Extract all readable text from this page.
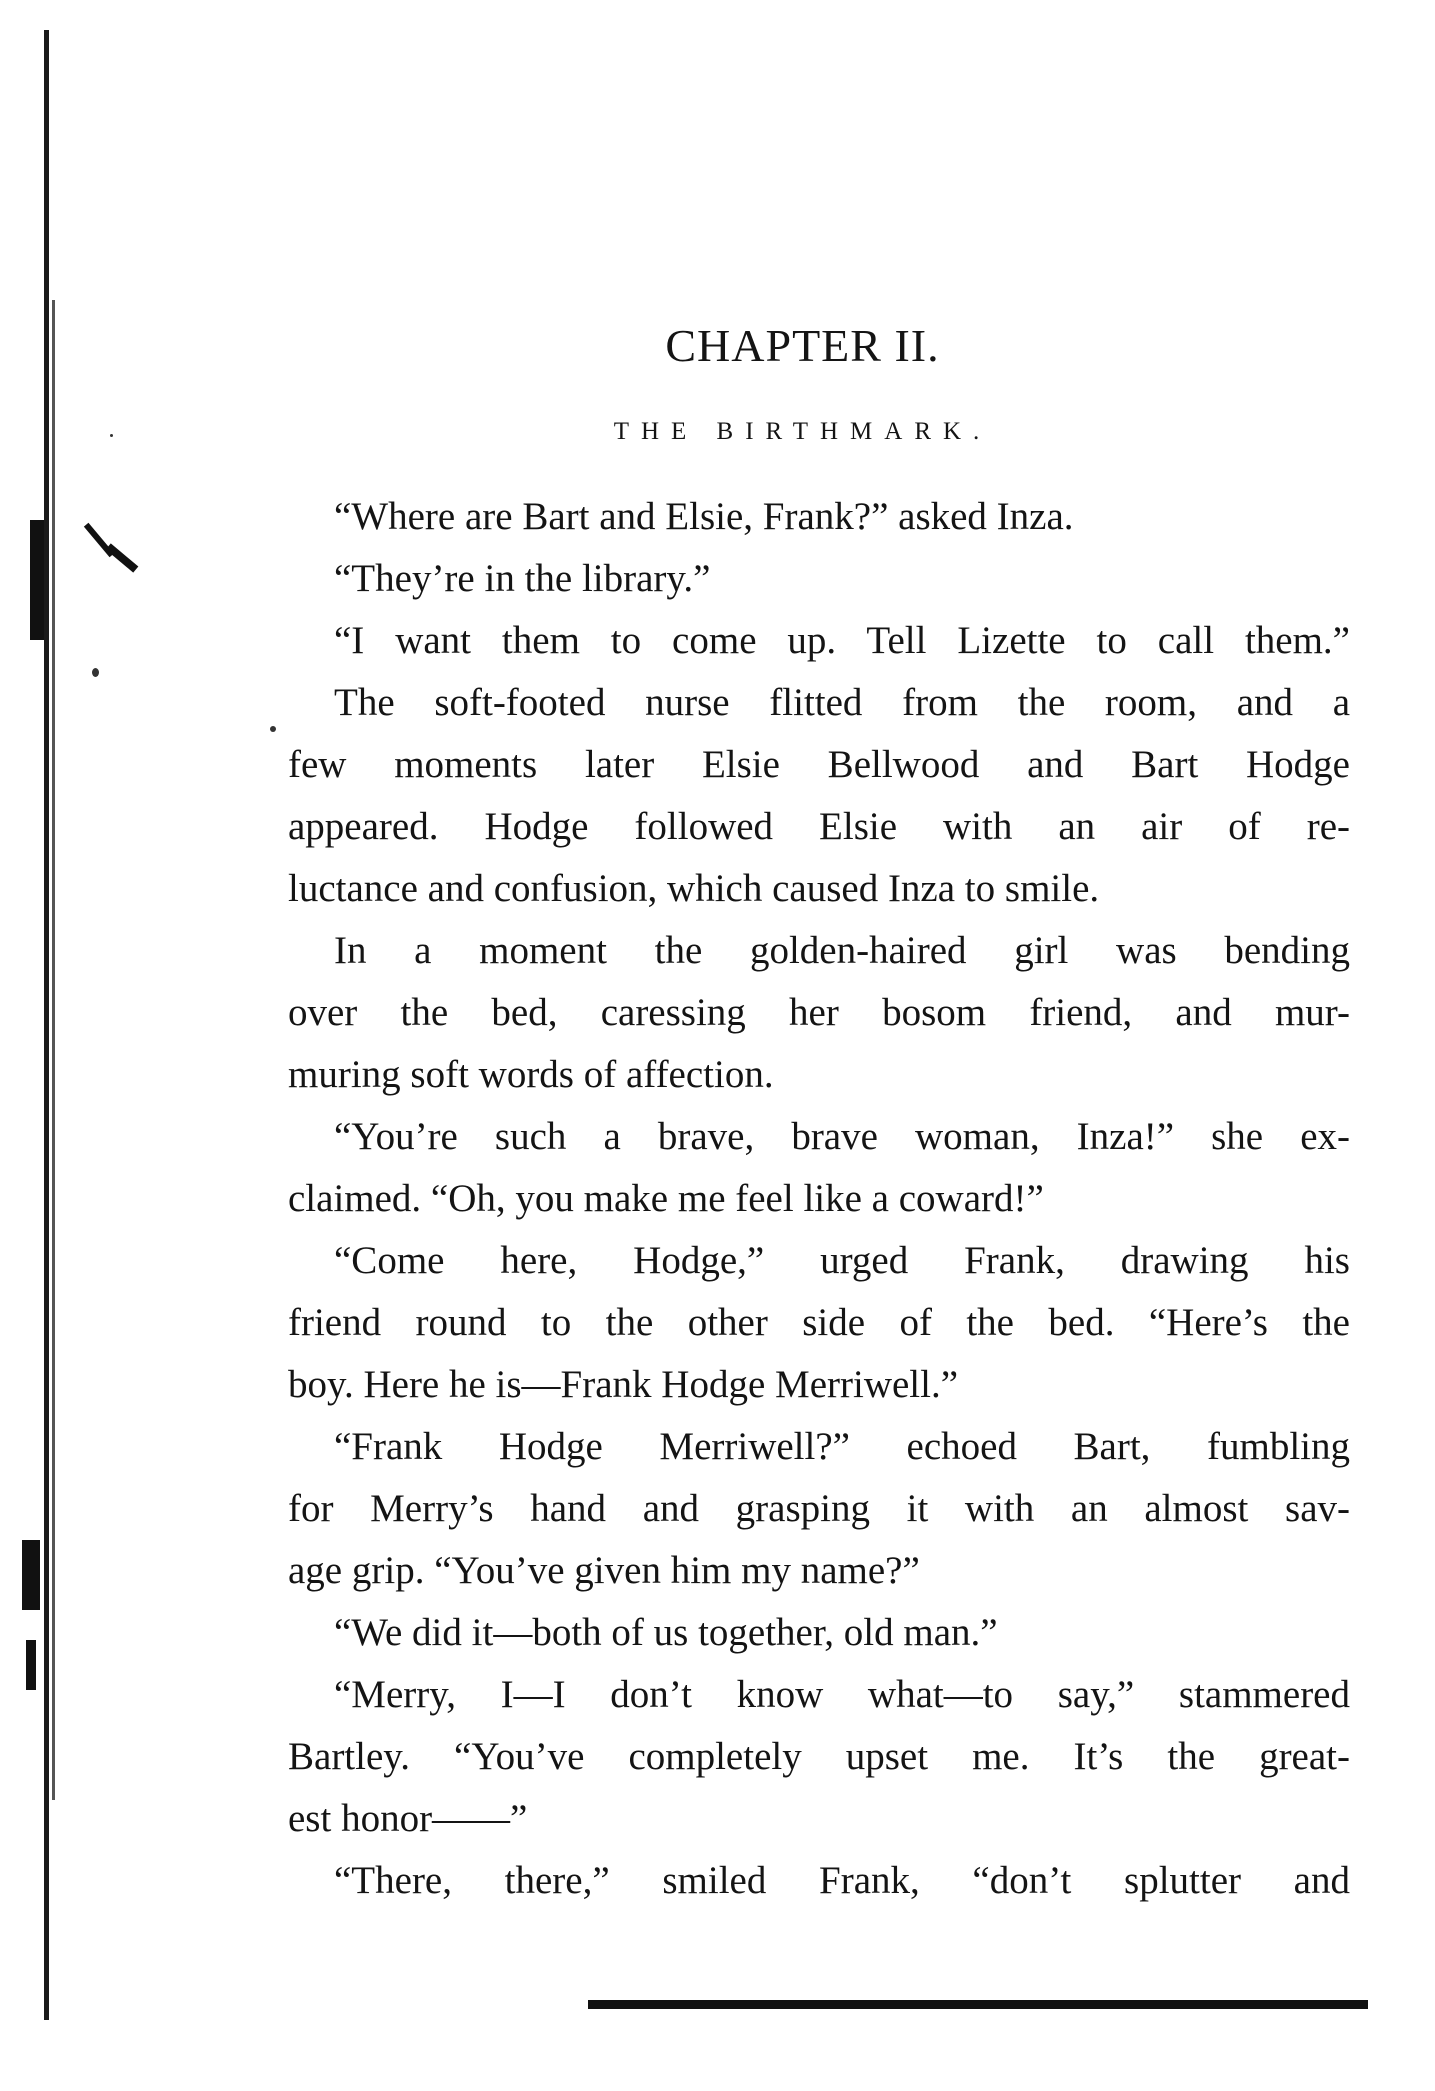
CHAPTER II.
THE BIRTHMARK.
“Where are Bart and Elsie, Frank?” asked Inza.
“They’re in the library.”
“I want them to come up. Tell Lizette to call them.”
The soft-footed nurse flitted from the room, and a
few moments later Elsie Bellwood and Bart Hodge
appeared. Hodge followed Elsie with an air of re-
luctance and confusion, which caused Inza to smile.
In a moment the golden-haired girl was bending
over the bed, caressing her bosom friend, and mur-
muring soft words of affection.
“You’re such a brave, brave woman, Inza!” she ex-
claimed. “Oh, you make me feel like a coward!”
“Come here, Hodge,” urged Frank, drawing his
friend round to the other side of the bed. “Here’s the
boy. Here he is—Frank Hodge Merriwell.”
“Frank Hodge Merriwell?” echoed Bart, fumbling
for Merry’s hand and grasping it with an almost sav-
age grip. “You’ve given him my name?”
“We did it—both of us together, old man.”
“Merry, I—I don’t know what—to say,” stammered
Bartley. “You’ve completely upset me. It’s the great-
est honor——”
“There, there,” smiled Frank, “don’t splutter and
